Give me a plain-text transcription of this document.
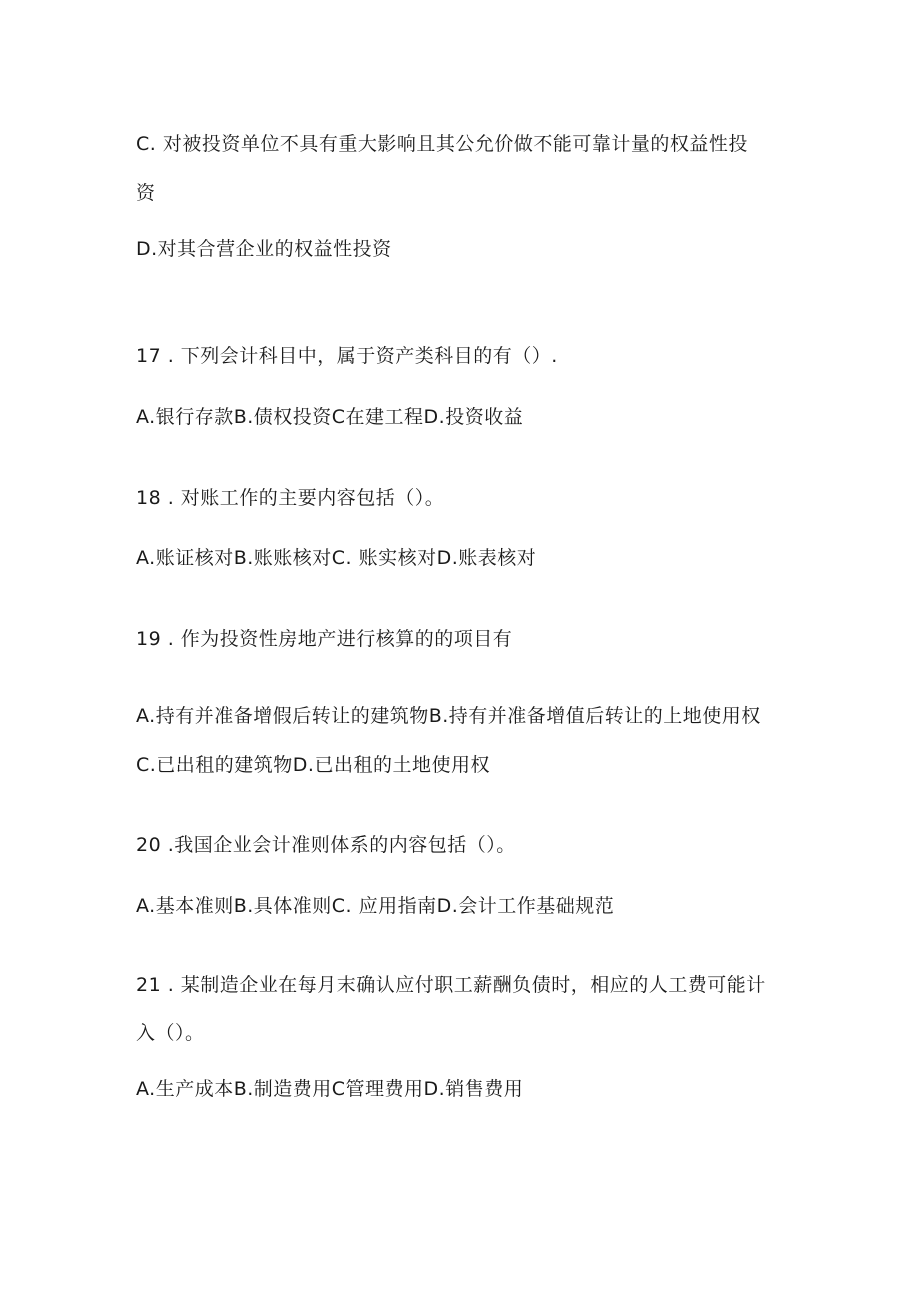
C. 对被投资单位不具有重大影响且其公允价做不能可靠计量的权益性投
资
D.对其合营企业的权益性投资
17 . 下列会计科目中，属于资产类科目的有（）.
A.银行存款B.债权投资C在建工程D.投资收益
18 . 对账工作的主要内容包括（）。
A.账证核对B.账账核对C. 账实核对D.账表核对
19 . 作为投资性房地产进行核算的的项目有
A.持有并准备增假后转让的建筑物B.持有并准备增值后转让的上地使用权
C.已出租的建筑物D.已出租的土地使用权
20 .我国企业会计准则体系的内容包括（）。
A.基本准则B.具体准则C. 应用指南D.会计工作基础规范
21 . 某制造企业在每月末确认应付职工薪酬负债时，相应的人工费可能计
入（）。
A.生产成本B.制造费用C管理费用D.销售费用
